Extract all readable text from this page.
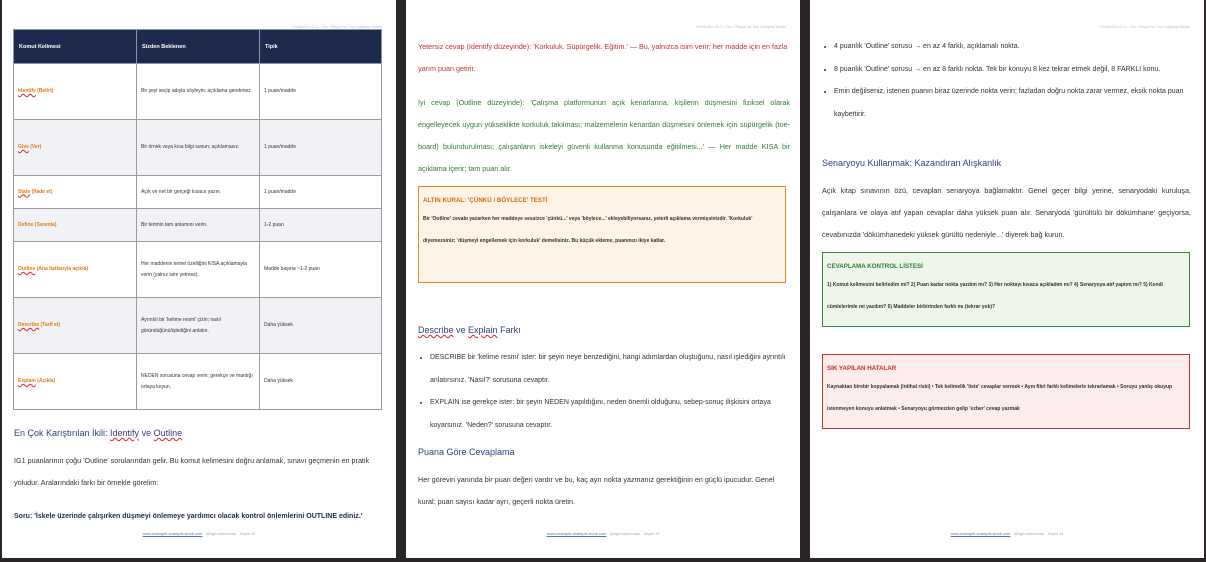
KONUSU IG-1 • Tez / Rapor ve Tez Çalışma Kitabı
Komut Kelimesi	Sizden Beklenen	Tipik
Identify (Belirt)	Bir şeyi seçip adıyla söyleyin; açıklama gerekmez.	1 puan/madde
Give (Ver)	Bir örnek veya kısa bilgi sunun; açıklamasız.	1 puan/madde
State (İfade et)	Açık ve net bir gerçeği kısaca yazın.	1 puan/madde
Define (Tanımla)	Bir terimin tam anlamını verin.	1-2 puan
Outline (Ana hatlarıyla açıkla)	Her maddenin temel özelliğini KISA açıklamayla verin (yalnız isim yetmez).	Madde başına ~1-2 puan
Describe (Tarif et)	Ayrıntılı bir 'kelime resmi' çizin; nasıl göründüğünü/işlediğini anlatın.	Daha yüksek
Explain (Açıkla)	NEDEN sorusuna cevap verin; gerekçe ve mantığı ortaya koyun.	Daha yüksek
En Çok Karıştırılan İkili: Identify ve Outline
IG1 puanlarının çoğu 'Outline' sorularından gelir. Bu komut kelimesini doğru anlamak, sınavı geçmenin en pratik yoludur. Aralarındaki farkı bir örnekle görelim:
Soru: 'İskele üzerinde çalışırken düşmeyi önlemeye yardımcı olacak kontrol önlemlerini OUTLINE ediniz.'
www.example-example-book.com @ngeorkeexnam Sayfa 12
KONUSU IG-1 • Tez / Rapor ve Tez Çalışma Kitabı
Yetersiz cevap (Identify düzeyinde): 'Korkuluk. Süpürgelik. Eğitim.' — Bu, yalnızca isim verir; her madde için en fazla yarım puan getirir.
İyi cevap (Outline düzeyinde): 'Çalışma platformunun açık kenarlarına, kişilerin düşmesini fiziksel olarak engelleyecek uygun yükseklikte korkuluk takılması; malzemelerin kenardan düşmesini önlemek için süpürgelik (toe-board) bulundurulması; çalışanların iskeleyi güvenli kullanma konusunda eğitilmesi...' — Her madde KISA bir açıklama içerir; tam puan alır.
ALTIN KURAL: 'ÇÜNKÜ / BÖYLECE' TESTİ
Bir 'Outline' cevabı yazarken her maddeye sessizce 'çünkü...' veya 'böylece...' ekleyebiliyorsanız, yeterli açıklama vermişsinizdir. 'Korkuluk' diyemezsiniz; 'düşmeyi engellemek için korkuluk' demelisiniz. Bu küçük ekleme, puanınızı ikiye katlar.
Describe ve Explain Farkı
• DESCRIBE bir 'kelime resmi' ister: bir şeyin neye benzediğini, hangi adımlardan oluştuğunu, nasıl işlediğini ayrıntılı anlatırsınız. 'Nasıl?' sorusuna cevaptır.
• EXPLAIN ise gerekçe ister: bir şeyin NEDEN yapıldığını, neden önemli olduğunu, sebep-sonuç ilişkisini ortaya koyarsınız. 'Neden?' sorusuna cevaptır.
Puana Göre Cevaplama
Her görevin yanında bir puan değeri vardır ve bu, kaç ayrı nokta yazmanız gerektiğinin en güçlü ipucudur. Genel kural: puan sayısı kadar ayrı, geçerli nokta üretin.
www.example-example-book.com @ngeorkeexnam Sayfa 13
KONUSU IG-1 • Tez / Rapor ve Tez Çalışma Kitabı
• 4 puanlık 'Outline' sorusu → en az 4 farklı, açıklamalı nokta.
• 8 puanlık 'Outline' sorusu → en az 8 farklı nokta. Tek bir konuyu 8 kez tekrar etmek değil, 8 FARKLI konu.
• Emin değilseniz, istenen puanın biraz üzerinde nokta verin; fazladan doğru nokta zarar vermez, eksik nokta puan kaybettirir.
Senaryoyu Kullanmak: Kazandıran Alışkanlık
Açık kitap sınavının özü, cevapları senaryoya bağlamaktır. Genel geçer bilgi yerine, senaryodaki kuruluşa, çalışanlara ve olaya atıf yapan cevaplar daha yüksek puan alır. Senaryoda 'gürültülü bir dökümhane' geçiyorsa, cevabınızda 'dökümhanedeki yüksek gürültü nedeniyle...' diyerek bağ kurun.
CEVAPLAMA KONTROL LİSTESİ
1) Komut kelimesini belirledim mi? 2) Puan kadar nokta yazdım mı? 3) Her noktayı kısaca açıkladım mı? 4) Senaryoya atıf yaptım mı? 5) Kendi cümlelerimle mi yazdım? 6) Maddeler birbirinden farklı mı (tekrar yok)?
SIK YAPILAN HATALAR
Kaynaktan birebir kopyalamak (intihal riski) • Tek kelimelik 'liste' cevaplar vermek • Aynı fikri farklı kelimelerle tekrarlamak • Soruyu yanlış okuyup istenmeyen konuyu anlatmak • Senaryoyu görmezden gelip 'ezber' cevap yazmak
www.example-example-book.com @ngeorkeexnam Sayfa 14
